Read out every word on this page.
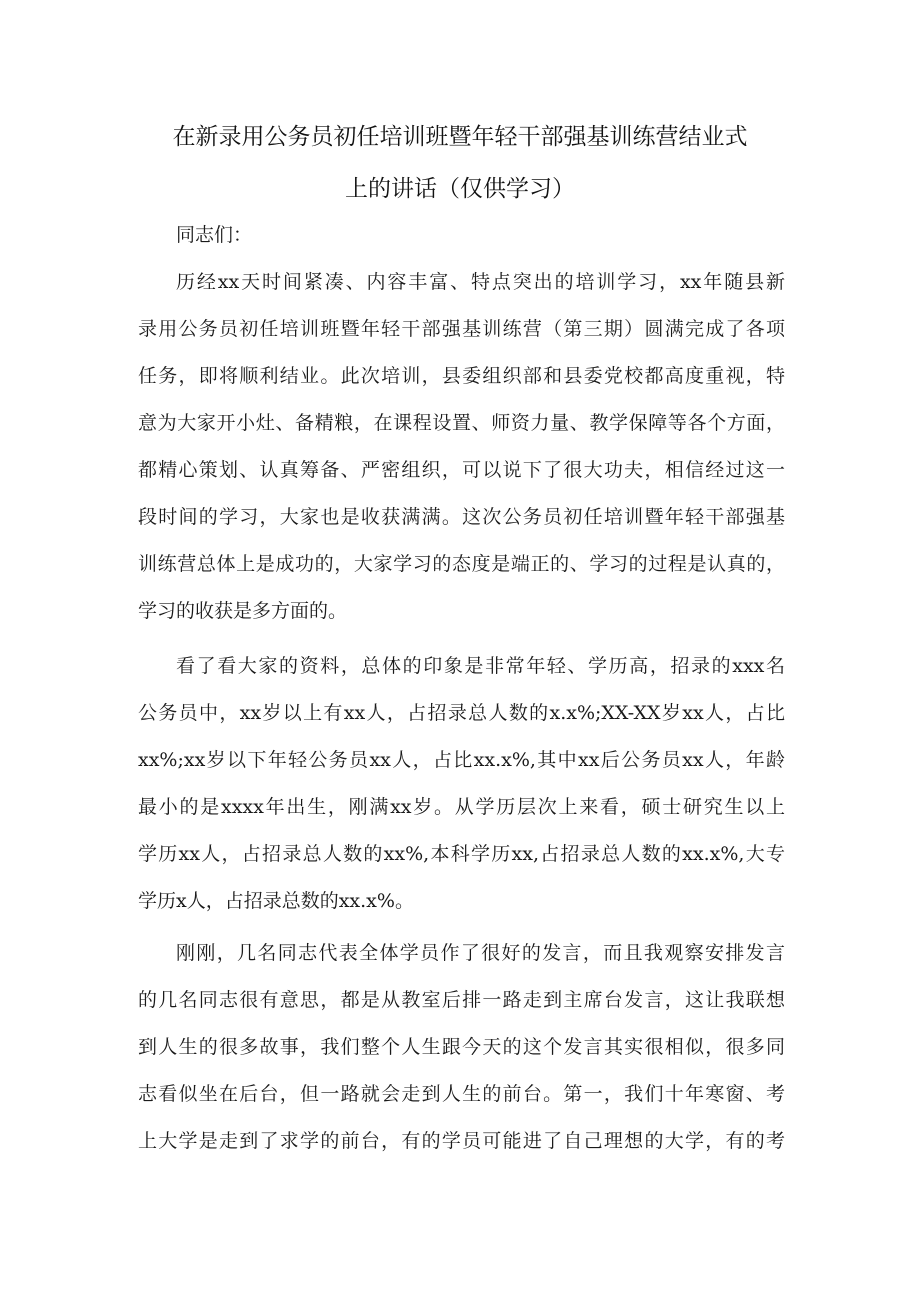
在新录用公务员初任培训班暨年轻干部强基训练营结业式
上的讲话（仅供学习）
同志们：
历经xx天时间紧凑、内容丰富、特点突出的培训学习，xx年随县新
录用公务员初任培训班暨年轻干部强基训练营（第三期）圆满完成了各项
任务，即将顺利结业。此次培训，县委组织部和县委党校都高度重视，特
意为大家开小灶、备精粮，在课程设置、师资力量、教学保障等各个方面，
都精心策划、认真筹备、严密组织，可以说下了很大功夫，相信经过这一
段时间的学习，大家也是收获满满。这次公务员初任培训暨年轻干部强基
训练营总体上是成功的，大家学习的态度是端正的、学习的过程是认真的，
学习的收获是多方面的。
看了看大家的资料，总体的印象是非常年轻、学历高，招录的xxx名
公务员中，xx岁以上有xx人，占招录总人数的x.x%;XX-XX岁xx人，占比
xx%;xx岁以下年轻公务员xx人，占比xx.x%,其中xx后公务员xx人，年龄
最小的是xxxx年出生，刚满xx岁。从学历层次上来看，硕士研究生以上
学历xx人，占招录总人数的xx%,本科学历xx,占招录总人数的xx.x%,大专
学历x人，占招录总数的xx.x%。
刚刚，几名同志代表全体学员作了很好的发言，而且我观察安排发言
的几名同志很有意思，都是从教室后排一路走到主席台发言，这让我联想
到人生的很多故事，我们整个人生跟今天的这个发言其实很相似，很多同
志看似坐在后台，但一路就会走到人生的前台。第一，我们十年寒窗、考
上大学是走到了求学的前台，有的学员可能进了自己理想的大学，有的考
